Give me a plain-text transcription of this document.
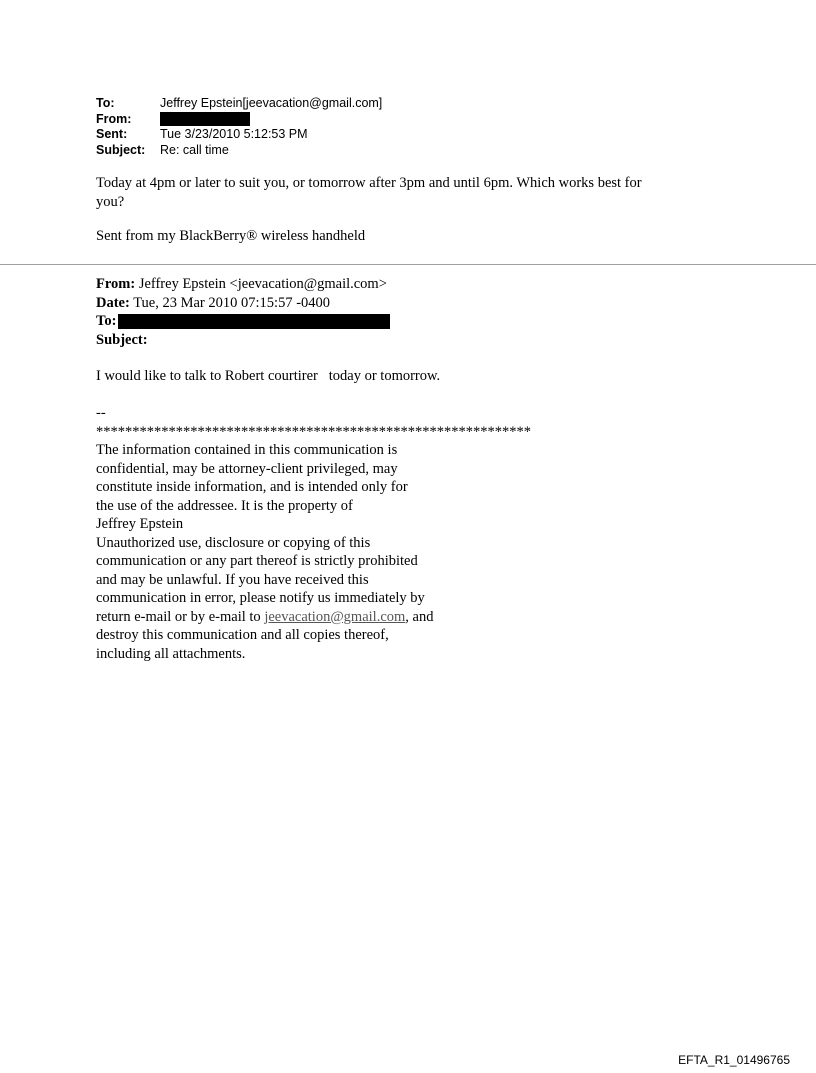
To:	Jeffrey Epstein[jeevacation@gmail.com]
From:
Sent:	Tue 3/23/2010 5:12:53 PM
Subject:	Re: call time
Today at 4pm or later to suit you, or tomorrow after 3pm and until 6pm. Which works best for
you?
Sent from my BlackBerry® wireless handheld
From: Jeffrey Epstein <jeevacation@gmail.com>
Date: Tue, 23 Mar 2010 07:15:57 -0400
To:
Subject:
I would like to talk to Robert courtirer   today or tomorrow.
--
************************************************************
The information contained in this communication is
confidential, may be attorney-client privileged, may
constitute inside information, and is intended only for
the use of the addressee. It is the property of
Jeffrey Epstein
Unauthorized use, disclosure or copying of this
communication or any part thereof is strictly prohibited
and may be unlawful. If you have received this
communication in error, please notify us immediately by
return e-mail or by e-mail to jeevacation@gmail.com, and
destroy this communication and all copies thereof,
including all attachments.
EFTA_R1_01496765
